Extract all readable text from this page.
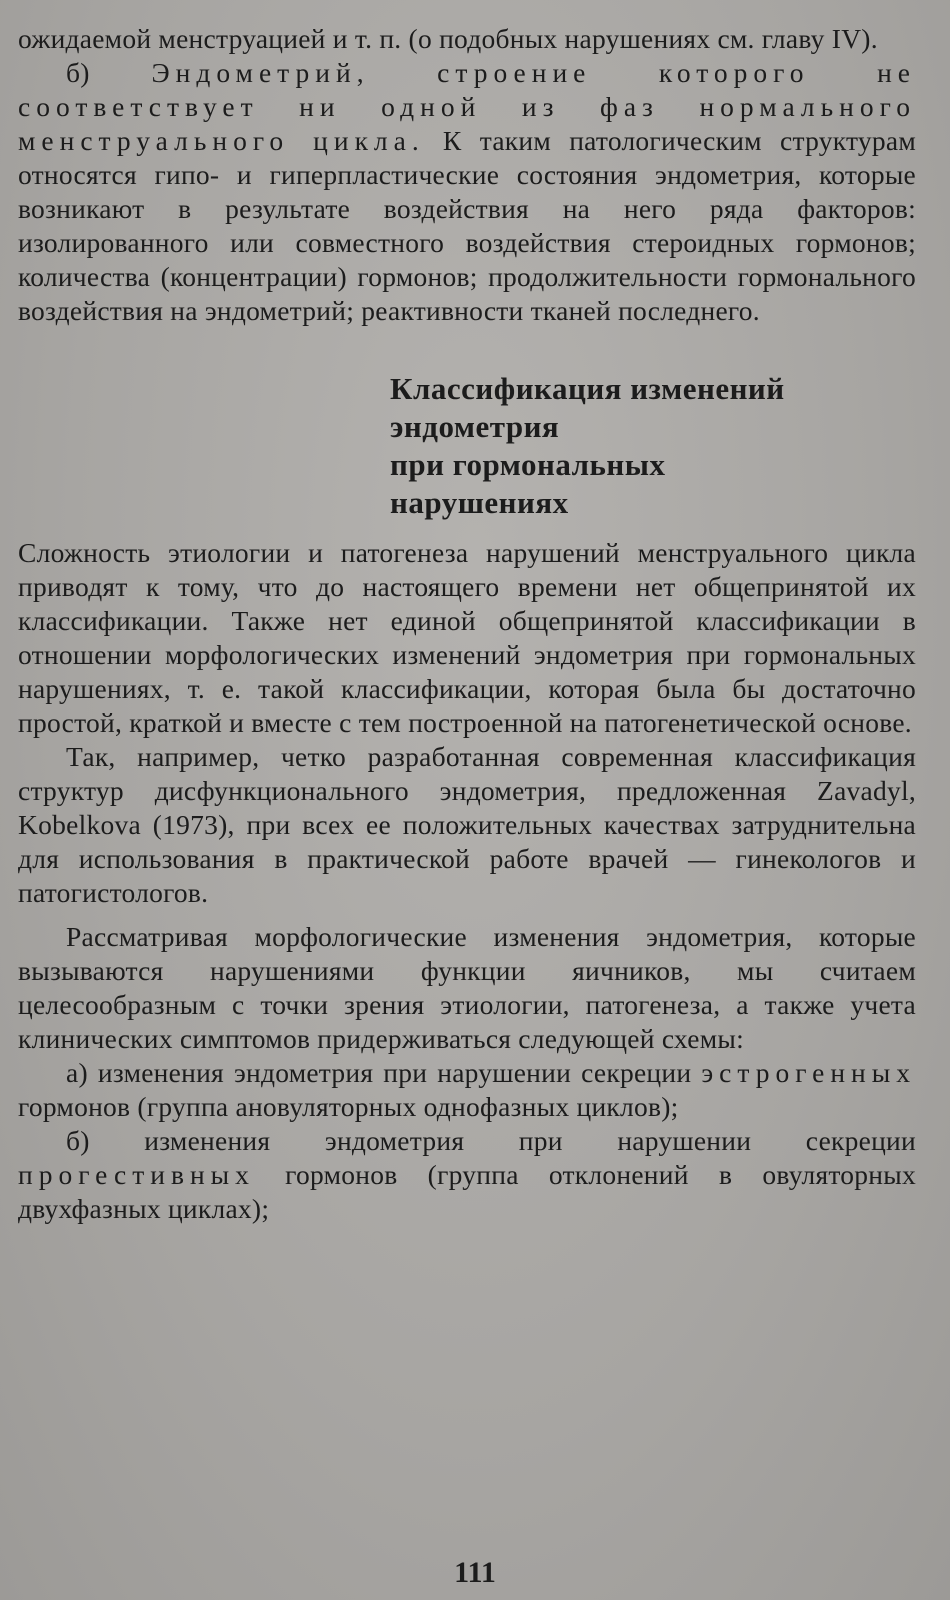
ожидаемой менструацией и т. п. (о подобных нарушениях см. главу IV).

б) Эндометрий, строение которого не соответствует ни одной из фаз нормального менструального цикла. К таким патологическим структурам относятся гипо- и гиперпластические состояния эндометрия, которые возникают в результате воздействия на него ряда факторов: изолированного или совместного воздействия стероидных гормонов; количества (концентрации) гормонов; продолжительности гормонального воздействия на эндометрий; реактивности тканей последнего.

Классификация изменений
эндометрия
при гормональных
нарушениях

Сложность этиологии и патогенеза нарушений менструального цикла приводят к тому, что до настоящего времени нет общепринятой их классификации. Также нет единой общепринятой классификации в отношении морфологических изменений эндометрия при гормональных нарушениях, т. е. такой классификации, которая была бы достаточно простой, краткой и вместе с тем построенной на патогенетической основе.

Так, например, четко разработанная современная классификация структур дисфункционального эндометрия, предложенная Zavadyl, Kobelkova (1973), при всех ее положительных качествах затруднительна для использования в практической работе врачей — гинекологов и патогистологов.

Рассматривая морфологические изменения эндометрия, которые вызываются нарушениями функции яичников, мы считаем целесообразным с точки зрения этиологии, патогенеза, а также учета клинических симптомов придерживаться следующей схемы:

а) изменения эндометрия при нарушении секреции эстрогенных гормонов (группа ановуляторных однофазных циклов);

б) изменения эндометрия при нарушении секреции прогестивных гормонов (группа отклонений в овуляторных двухфазных циклах);

111
